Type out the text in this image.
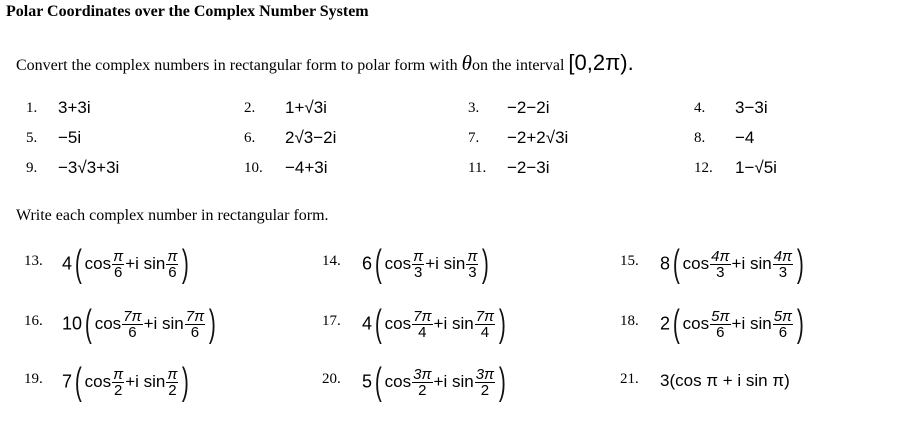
Polar Coordinates over the Complex Number System
Convert the complex numbers in rectangular form to polar form with θon the interval [0,2π).
1. 3+3i	2. 1+√3i	3. −2−2i	4. 3−3i
5. −5i	6. 2√3−2i	7. −2+2√3i	8. −4
9. −3√3+3i	10. −4+3i	11. −2−3i	12. 1−√5i
Write each complex number in rectangular form.
13. 4( $\cos \frac{\pi}{6} +i$ $\sin \frac{\pi}{6}$ )	14. 6( $\cos \frac{\pi}{3} +i$ $\sin \frac{\pi}{3}$ )	15. 8( $\cos \frac{4\pi}{3} +i$ $\sin \frac{4\pi}{3}$ )
16. 10( $\cos \frac{7\pi}{6} +i$ $\sin \frac{7\pi}{6}$ )	17. 4( $\cos \frac{7\pi}{4} +i$ $\sin \frac{7\pi}{4}$ )	18. 2( $\cos \frac{5\pi}{6} +i$ $\sin \frac{5\pi}{6}$ )
19. 7( $\cos \frac{\pi}{2} +i$ $\sin \frac{\pi}{2}$ )	20. 5( $\cos \frac{3\pi}{2} +i$ $\sin \frac{3\pi}{2}$ )	21. 3(cos π + i sin π)
